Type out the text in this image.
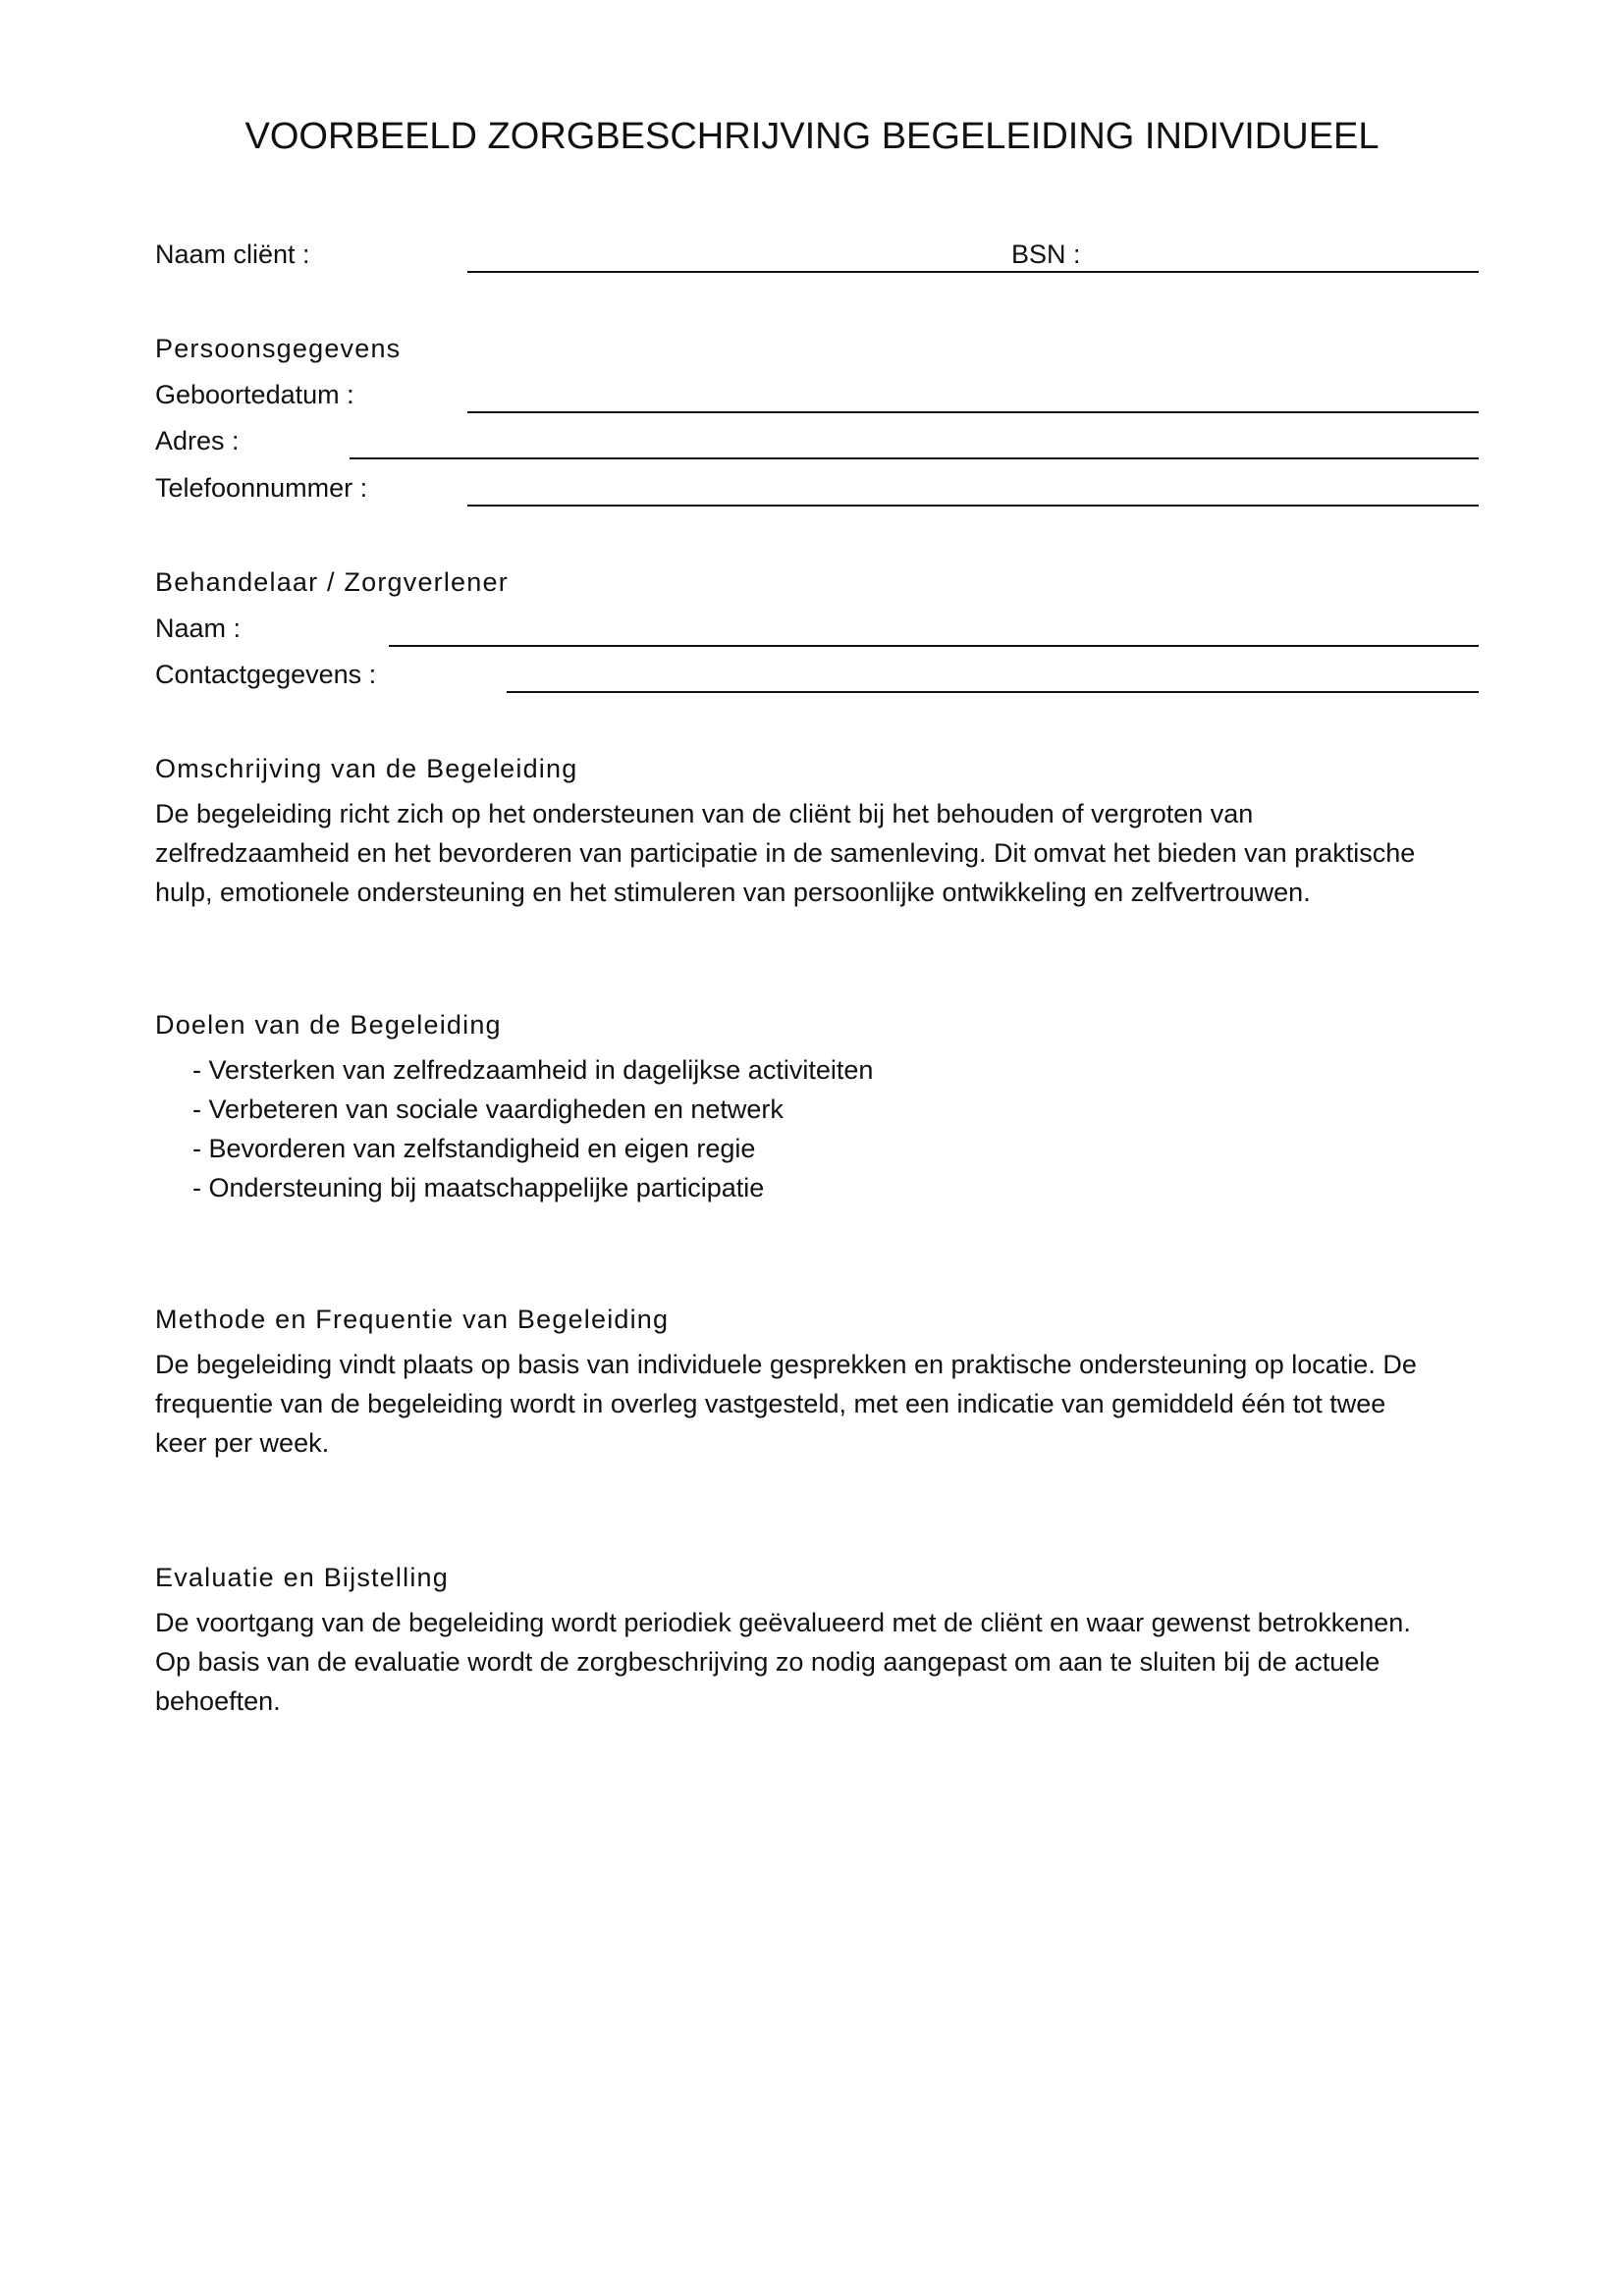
VOORBEELD ZORGBESCHRIJVING BEGELEIDING INDIVIDUEEL
Naam cliënt :	BSN :
Persoonsgegevens
Geboortedatum :
Adres :
Telefoonnummer :
Behandelaar / Zorgverlener
Naam :
Contactgegevens :
Omschrijving van de Begeleiding
De begeleiding richt zich op het ondersteunen van de cliënt bij het behouden of vergroten van
zelfredzaamheid en het bevorderen van participatie in de samenleving. Dit omvat het bieden van praktische
hulp, emotionele ondersteuning en het stimuleren van persoonlijke ontwikkeling en zelfvertrouwen.
Doelen van de Begeleiding
- Versterken van zelfredzaamheid in dagelijkse activiteiten
- Verbeteren van sociale vaardigheden en netwerk
- Bevorderen van zelfstandigheid en eigen regie
- Ondersteuning bij maatschappelijke participatie
Methode en Frequentie van Begeleiding
De begeleiding vindt plaats op basis van individuele gesprekken en praktische ondersteuning op locatie. De
frequentie van de begeleiding wordt in overleg vastgesteld, met een indicatie van gemiddeld één tot twee
keer per week.
Evaluatie en Bijstelling
De voortgang van de begeleiding wordt periodiek geëvalueerd met de cliënt en waar gewenst betrokkenen.
Op basis van de evaluatie wordt de zorgbeschrijving zo nodig aangepast om aan te sluiten bij de actuele
behoeften.
